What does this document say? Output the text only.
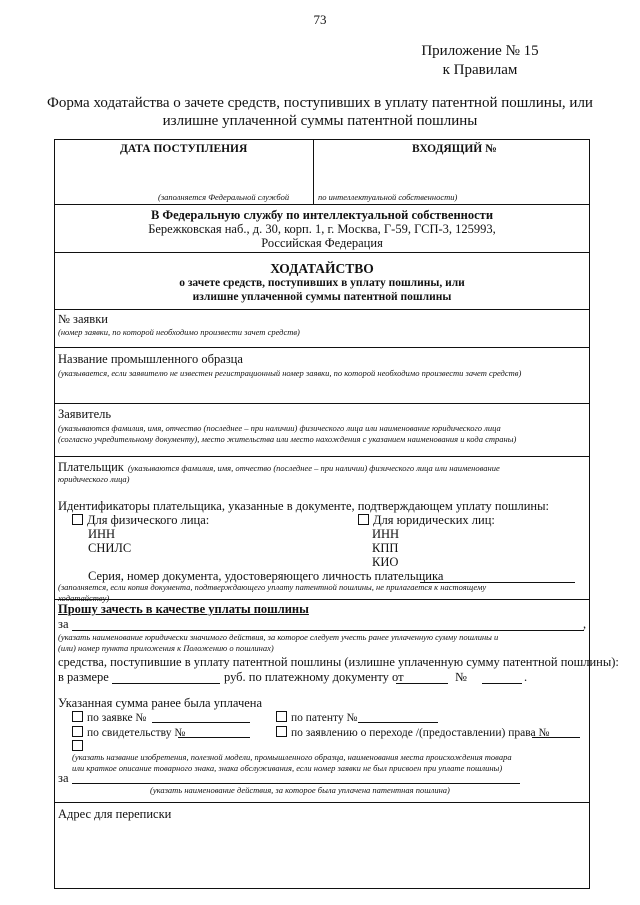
73
Приложение № 15
к Правилам
Форма ходатайства о зачете средств, поступивших в уплату патентной пошлины, или
излишне уплаченной суммы патентной пошлины
ДАТА ПОСТУПЛЕНИЯ	ВХОДЯЩИЙ №
(заполняется Федеральной службой	по интеллектуальной собственности)
В Федеральную службу по интеллектуальной собственности
Бережковская наб., д. 30, корп. 1, г. Москва, Г-59, ГСП-3, 125993,
Российская Федерация
ХОДАТАЙСТВО
о зачете средств, поступивших в уплату пошлины, или
излишне уплаченной суммы патентной пошлины
№ заявки
(номер заявки, по которой необходимо произвести зачет средств)
Название промышленного образца
(указывается, если заявителю не известен регистрационный номер заявки, по которой необходимо произвести зачет средств)
Заявитель
(указываются фамилия, имя, отчество (последнее – при наличии) физического лица или наименование юридического лица
(согласно учредительному документу), место жительства или место нахождения с указанием наименования и кода страны)
Плательщик (указываются фамилия, имя, отчество (последнее – при наличии) физического лица или наименование
юридического лица)
Идентификаторы плательщика, указанные в документе, подтверждающем уплату пошлины:
Для физического лица:	Для юридических лиц:
ИНН
СНИЛС
ИНН
КПП
КИО
Серия, номер документа, удостоверяющего личность плательщика
(заполняется, если копия документа, подтверждающего уплату патентной пошлины, не прилагается к настоящему
ходатайству)
Прошу зачесть в качестве уплаты пошлины
за	,
(указать наименование юридически значимого действия, за которое следует учесть ранее уплаченную сумму пошлины и
(или) номер пункта приложения к Положению о пошлинах)
средства, поступившие в уплату патентной пошлины (излишне уплаченную сумму патентной пошлины):
в размере	руб. по платежному документу от	№	.
Указанная сумма ранее была уплачена
по заявке №	по патенту №
по свидетельству №	по заявлению о переходе /(предоставлении) права №
(указать название изобретения, полезной модели, промышленного образца, наименования места происхождения товара
или краткое описание товарного знака, знака обслуживания, если номер заявки не был присвоен при уплате пошлины)
за
(указать наименование действия, за которое была уплачена патентная пошлина)
Адрес для переписки
